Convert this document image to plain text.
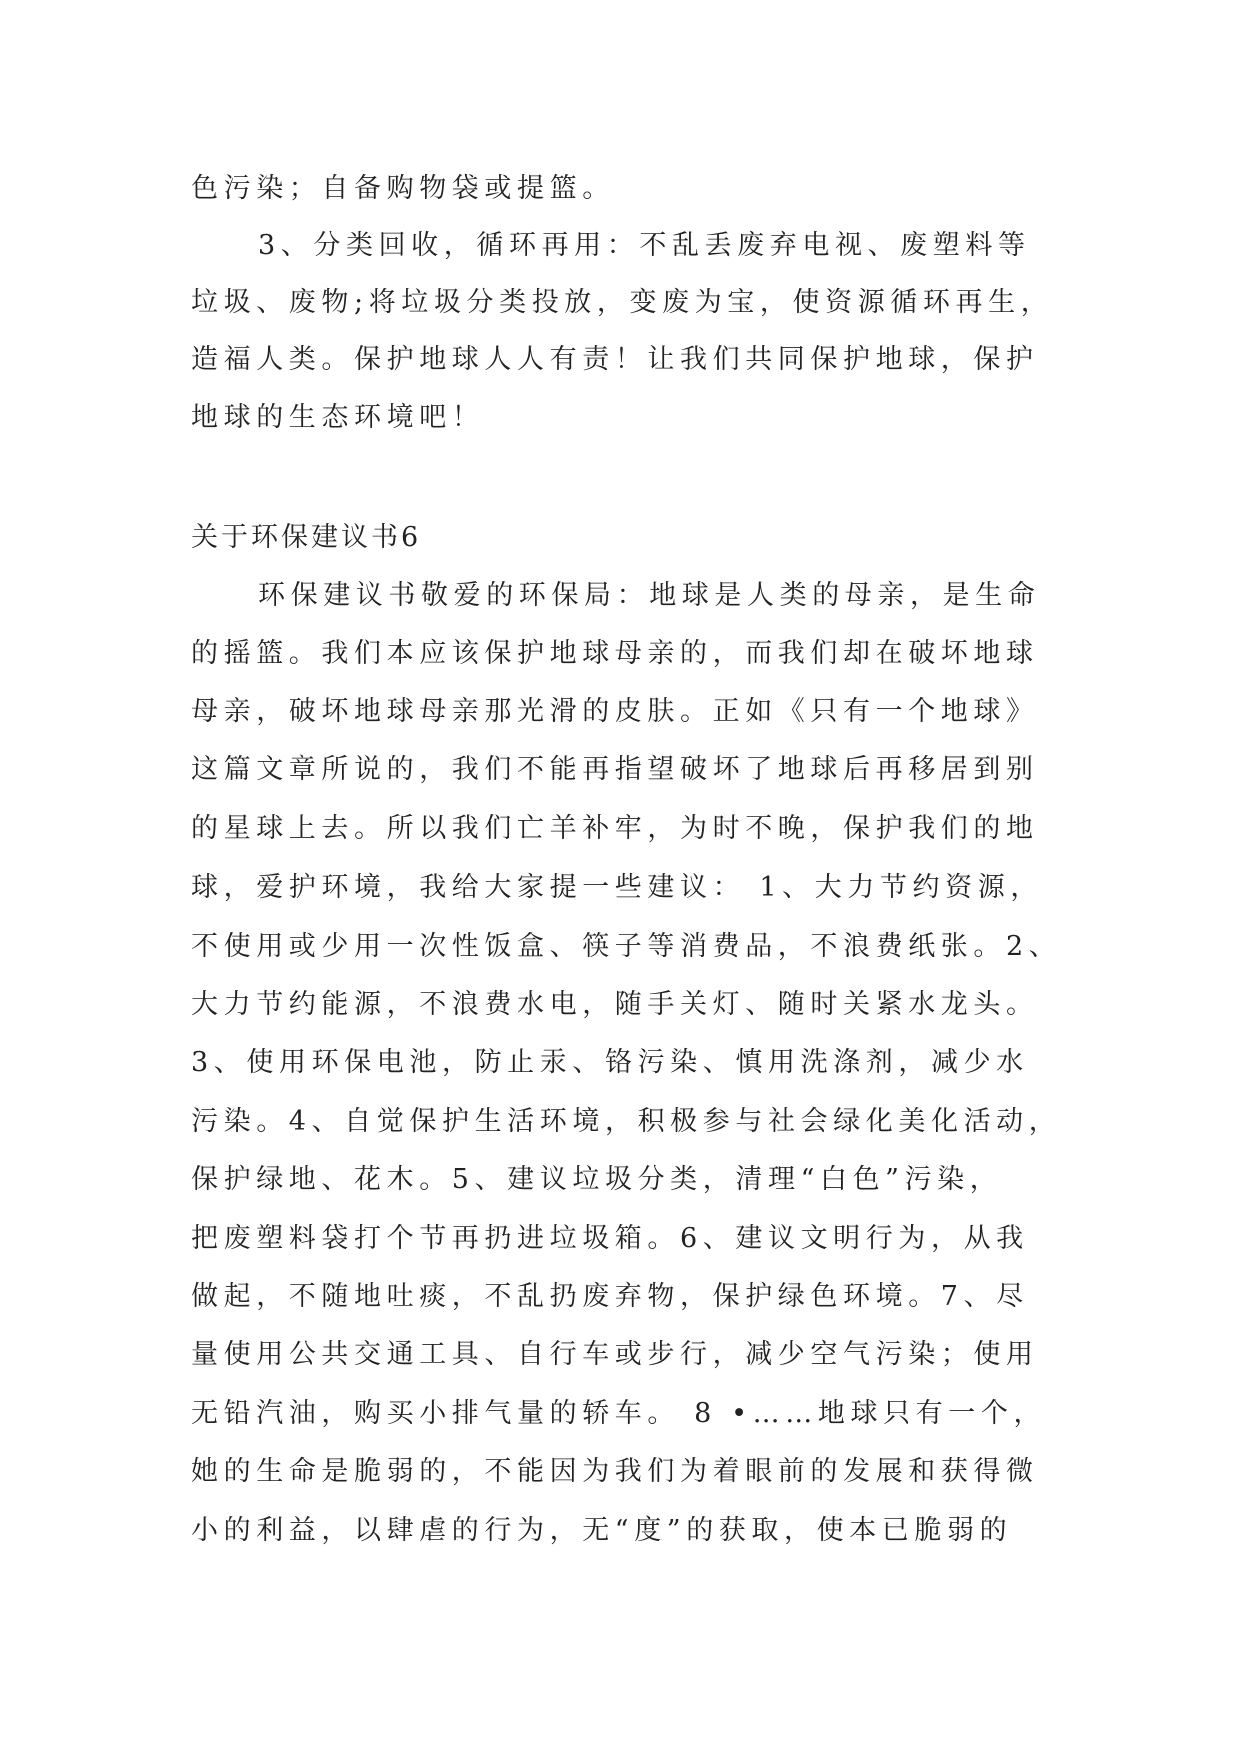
色污染；自备购物袋或提篮。
3、分类回收，循环再用：不乱丢废弃电视、废塑料等
垃圾、废物;将垃圾分类投放，变废为宝，使资源循环再生，
造福人类。保护地球人人有责！让我们共同保护地球，保护
地球的生态环境吧！
关于环保建议书6
环保建议书敬爱的环保局：地球是人类的母亲，是生命
的摇篮。我们本应该保护地球母亲的，而我们却在破坏地球
母亲，破坏地球母亲那光滑的皮肤。正如《只有一个地球》
这篇文章所说的，我们不能再指望破坏了地球后再移居到别
的星球上去。所以我们亡羊补牢，为时不晚，保护我们的地
球，爱护环境，我给大家提一些建议： 1、大力节约资源，
不使用或少用一次性饭盒、筷子等消费品，不浪费纸张。2、
大力节约能源，不浪费水电，随手关灯、随时关紧水龙头。
3、使用环保电池，防止汞、铬污染、慎用洗涤剂，减少水
污染。4、自觉保护生活环境，积极参与社会绿化美化活动，
保护绿地、花木。5、建议垃圾分类，清理“白色”污染，
把废塑料袋打个节再扔进垃圾箱。6、建议文明行为，从我
做起，不随地吐痰，不乱扔废弃物，保护绿色环境。7、尽
量使用公共交通工具、自行车或步行，减少空气污染；使用
无铅汽油，购买小排气量的轿车。 8 •……地球只有一个，
她的生命是脆弱的，不能因为我们为着眼前的发展和获得微
小的利益，以肆虐的行为，无“度”的获取，使本已脆弱的
